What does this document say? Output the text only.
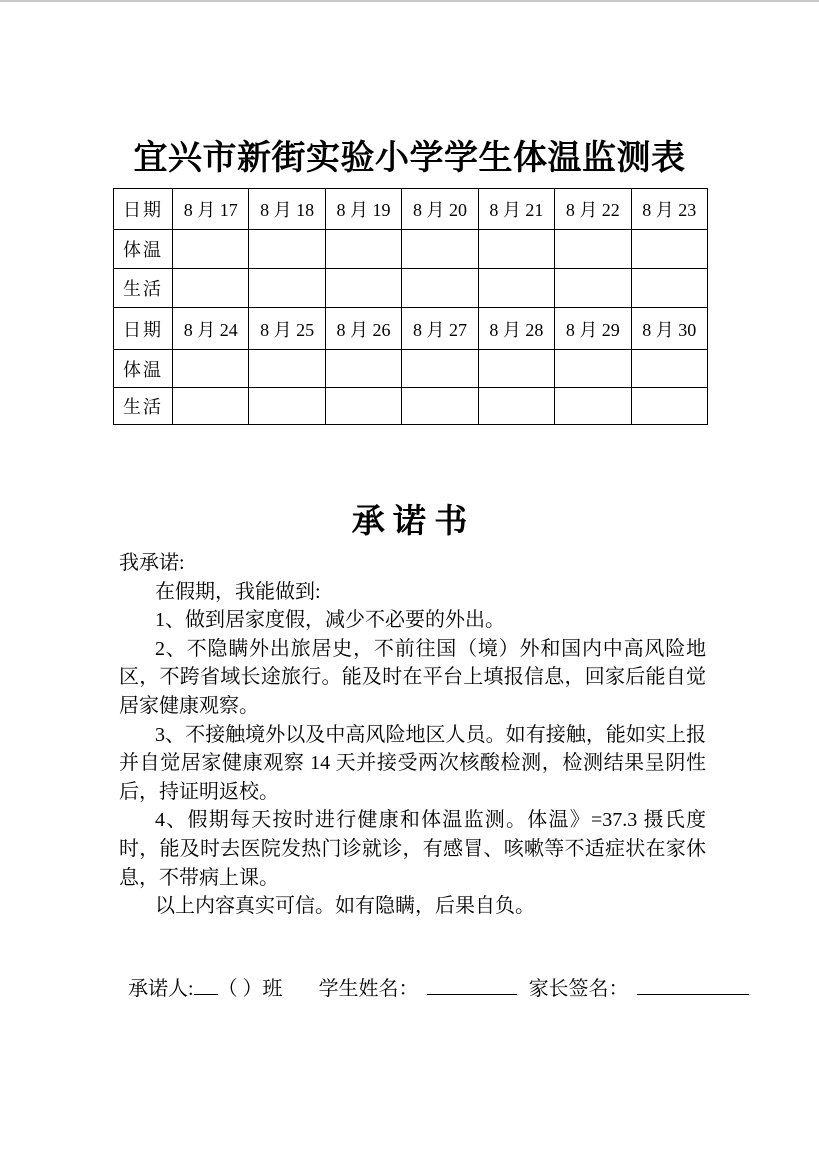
宜兴市新街实验小学学生体温监测表
日期	8 月 17	8 月 18	8 月 19	8 月 20	8 月 21	8 月 22	8 月 23
体温							
生活							
日期	8 月 24	8 月 25	8 月 26	8 月 27	8 月 28	8 月 29	8 月 30
体温							
生活							
承 诺 书

我承诺:

在假期，我能做到:

1、做到居家度假，减少不必要的外出。

2、不隐瞒外出旅居史，不前往国（境）外和国内中高风险地区，不跨省域长途旅行。能及时在平台上填报信息，回家后能自觉居家健康观察。

3、不接触境外以及中高风险地区人员。如有接触，能如实上报并自觉居家健康观察 14 天并接受两次核酸检测，检测结果呈阴性后，持证明返校。

4、假期每天按时进行健康和体温监测。体温》=37.3 摄氏度时，能及时去医院发热门诊就诊，有感冒、咳嗽等不适症状在家休息，不带病上课。

以上内容真实可信。如有隐瞒，后果自负。

承诺人: （ ）班 学生姓名：	家长签名：
